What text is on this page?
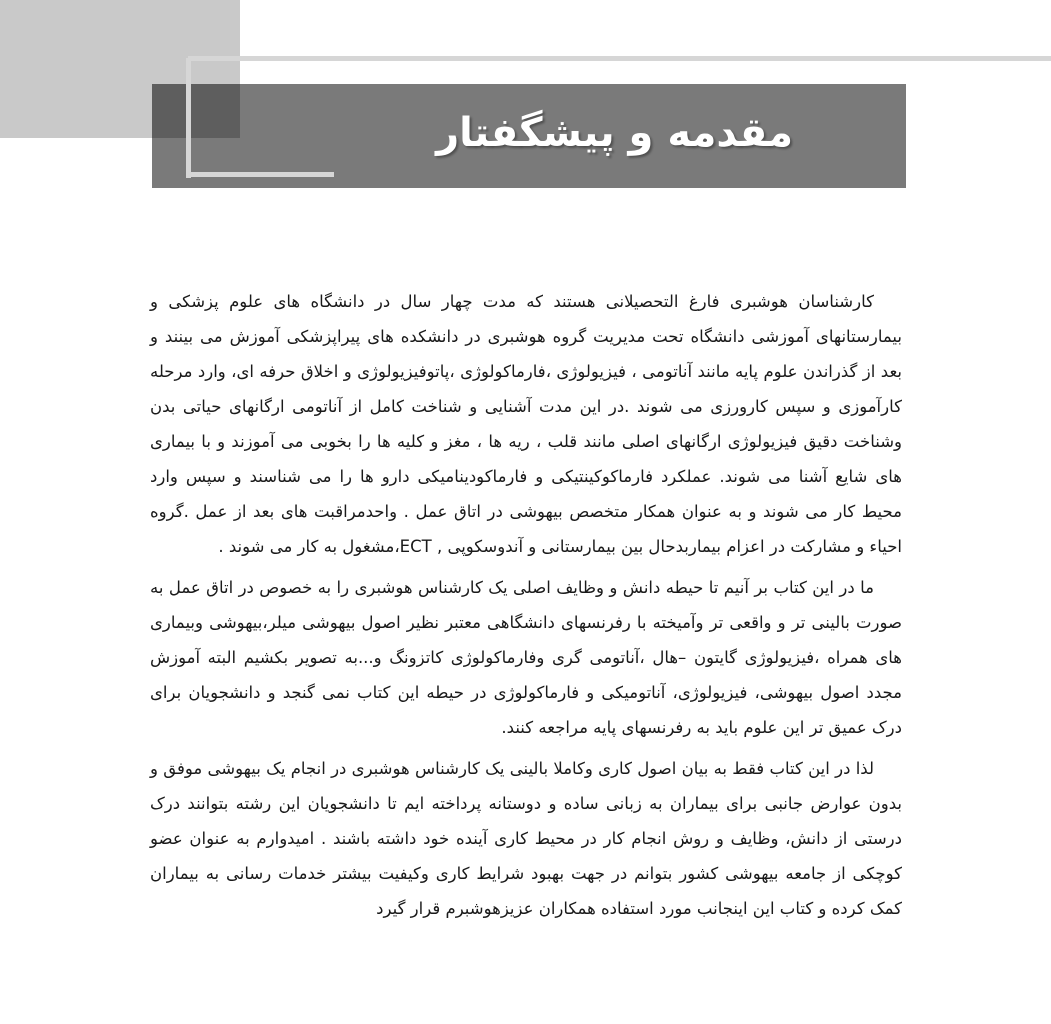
مقدمه و پیشگفتار

کارشناسان هوشبری فارغ التحصیلانی هستند که مدت چهار سال در دانشگاه های علوم پزشکی و بیمارستانهای آموزشی دانشگاه تحت مدیریت گروه هوشبری در دانشکده های پیراپزشکی آموزش می بینند و بعد از گذراندن علوم پایه مانند آناتومی ، فیزیولوژی ،فارماکولوژی ،پاتوفیزیولوژی و اخلاق حرفه ای، وارد مرحله کارآموزی و سپس کارورزی می شوند .در این مدت آشنایی و شناخت کامل از آناتومی ارگانهای حیاتی بدن وشناخت دقیق فیزیولوژی ارگانهای اصلی مانند قلب ، ریه ها ، مغز و کلیه ها را بخوبی می آموزند و با بیماری های شایع آشنا می شوند. عملکرد فارماکوکینتیکی و فارماکودینامیکی دارو ها را می شناسند و سپس وارد محیط کار می شوند و به عنوان همکار متخصص بیهوشی در اتاق عمل . واحدمراقبت های بعد از عمل .گروه احیاء و مشارکت در اعزام بیماربدحال بین بیمارستانی و آندوسکوپی , ECT،مشغول به کار می شوند .

ما در این کتاب بر آنیم تا حیطه دانش و وظایف اصلی یک کارشناس هوشبری را به خصوص در اتاق عمل به صورت بالینی تر و واقعی تر وآمیخته با رفرنسهای دانشگاهی معتبر نظیر اصول بیهوشی میلر،بیهوشی وبیماری های همراه ،فیزیولوژی گایتون –هال ،آناتومی گری وفارماکولوژی کاتزونگ و...به تصویر بکشیم البته آموزش مجدد اصول بیهوشی، فیزیولوژی، آناتومیکی و فارماکولوژی در حیطه این کتاب نمی گنجد و دانشجویان برای درک عمیق تر این علوم باید به رفرنسهای پایه مراجعه کنند.

لذا در این کتاب فقط به بیان اصول کاری وکاملا بالینی یک کارشناس هوشبری در انجام یک بیهوشی موفق و بدون عوارض جانبی برای بیماران به زبانی ساده و دوستانه پرداخته ایم تا دانشجویان این رشته بتوانند درک درستی از دانش، وظایف و روش انجام کار در محیط کاری آینده خود داشته باشند . امیدوارم به عنوان عضو کوچکی از جامعه بیهوشی کشور بتوانم در جهت بهبود شرایط کاری وکیفیت بیشتر خدمات رسانی به بیماران کمک کرده و کتاب این اینجانب مورد استفاده همکاران عزیزهوشبرم قرار گیرد
